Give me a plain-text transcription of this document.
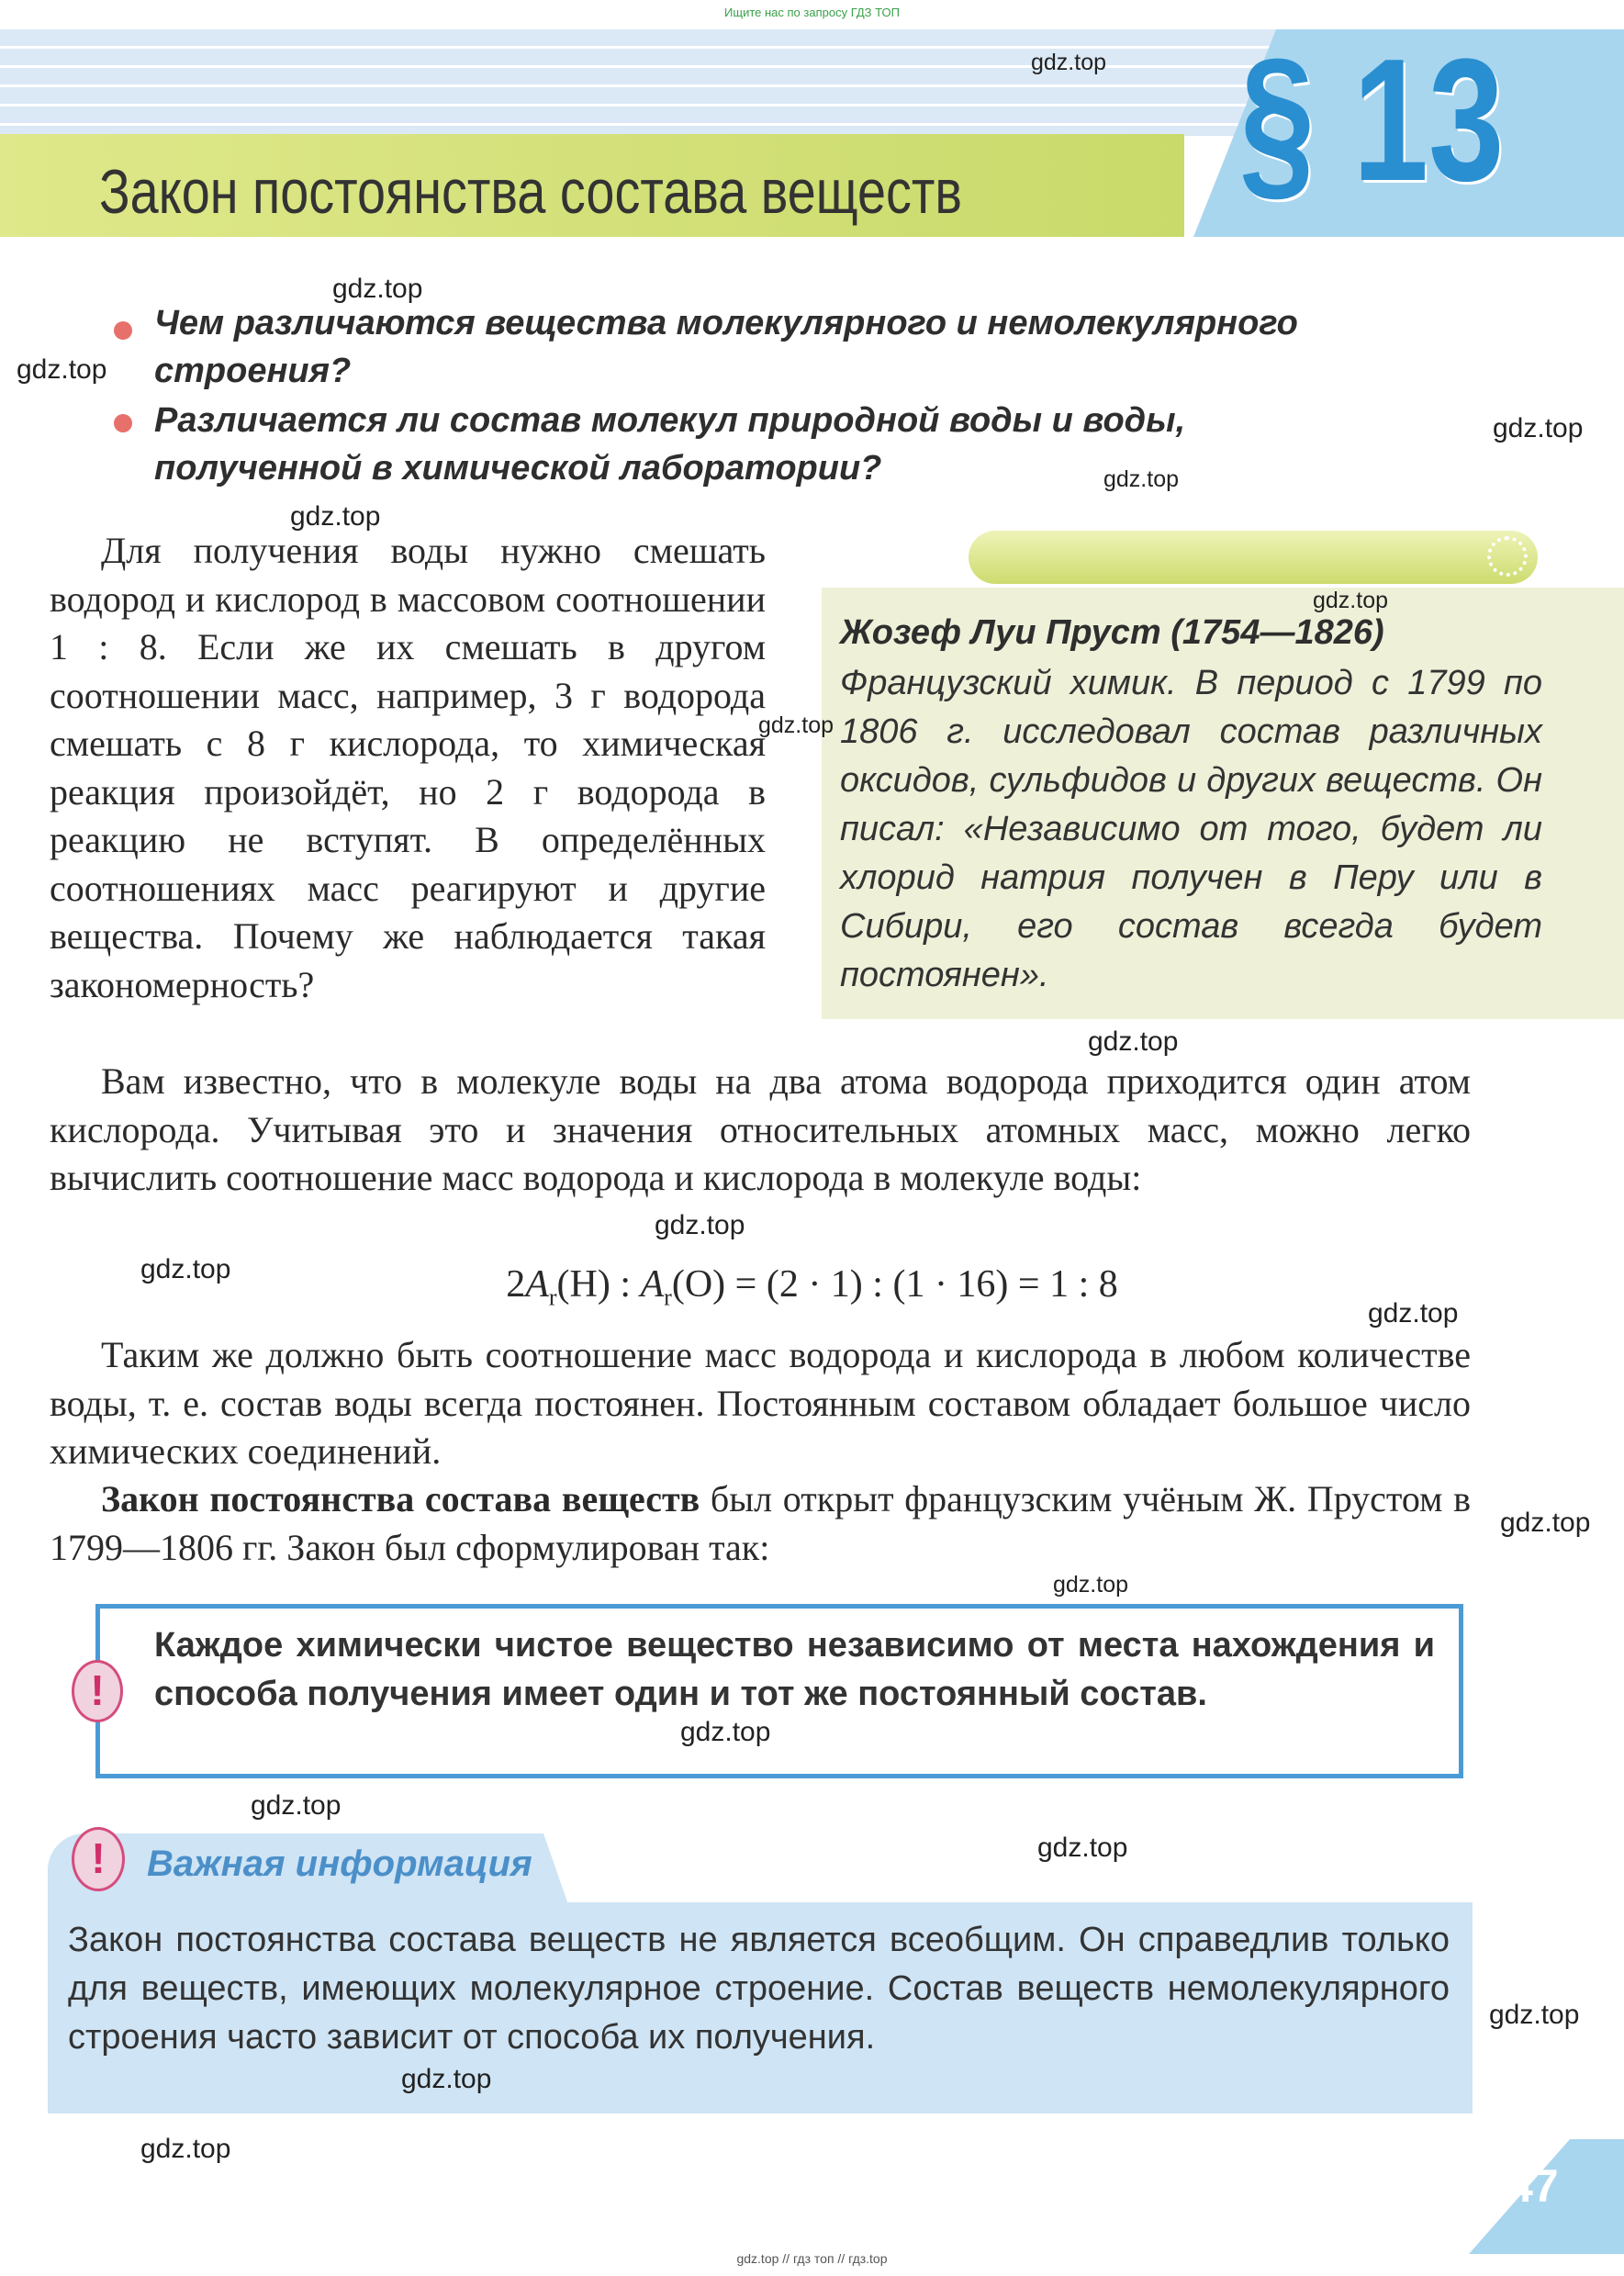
Ищите нас по запросу ГДЗ ТОП
§ 13
Закон постоянства состава веществ
Чем различаются вещества молекулярного и немолекулярного строения?
Различается ли состав молекул природной воды и воды, полученной в химической лаборатории?
Для получения воды нужно смешать водород и кислород в массовом соотношении 1 : 8. Если же их смешать в другом соотношении масс, например, 3 г водорода смешать с 8 г кислорода, то химическая реакция произойдёт, но 2 г водорода в реакцию не вступят. В определённых соотношениях масс реагируют и другие вещества. Почему же наблюдается такая закономерность?
Жозеф Луи Пруст (1754—1826)
Французский химик. В период с 1799 по 1806 г. исследовал состав различных оксидов, сульфидов и других веществ. Он писал: «Независимо от того, будет ли хлорид натрия получен в Перу или в Сибири, его состав всегда будет постоянен».
Вам известно, что в молекуле воды на два атома водорода приходится один атом кислорода. Учитывая это и значения относительных атомных масс, можно легко вычислить соотношение масс водорода и кислорода в молекуле воды:
$2A_r(H)$ : $A_r(O) = (2 \cdot 1)$ : (1 · 16) = 1 : 8
Таким же должно быть соотношение масс водорода и кислорода в любом количестве воды, т. е. состав воды всегда постоянен. Постоянным составом обладает большое число химических соединений.
Закон постоянства состава веществ был открыт французским учёным Ж. Прустом в 1799—1806 гг. Закон был сформулирован так:
!
Каждое химически чистое вещество независимо от места нахождения и способа получения имеет один и тот же постоянный состав.
!	Важная информация
Закон постоянства состава веществ не является всеобщим. Он справедлив только для веществ, имеющих молекулярное строение. Состав веществ немолекулярного строения часто зависит от способа их получения.
47
gdz.top // гдз топ // гдз.top
gdz.top
gdz.top
gdz.top
gdz.top
gdz.top
gdz.top
gdz.top
gdz.top
gdz.top
gdz.top
gdz.top
gdz.top
gdz.top
gdz.top
gdz.top
gdz.top
gdz.top
gdz.top
gdz.top
gdz.top
